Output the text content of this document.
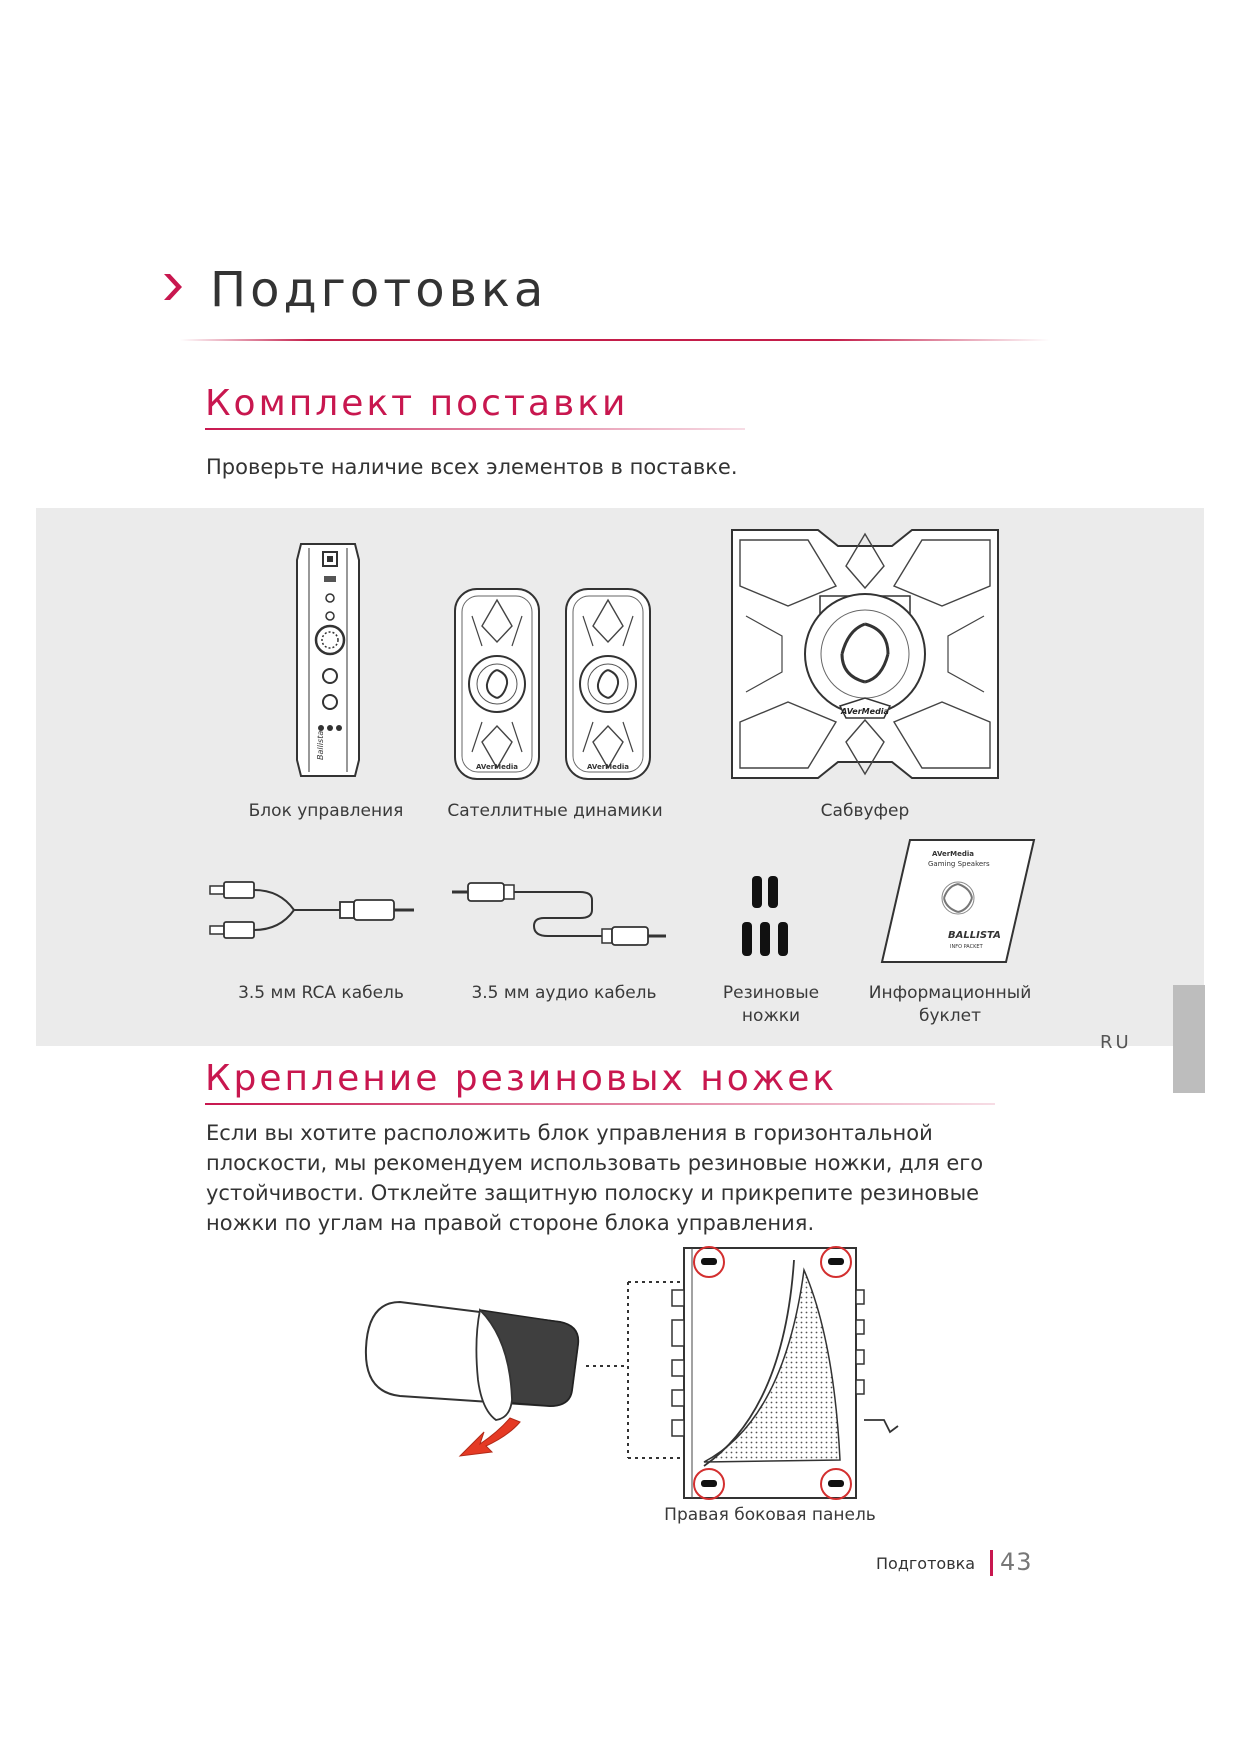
Подготовка
Комплект поставки

Проверьте наличие всех элементов в поставке.

Ballista
AVerMedia	AVerMedia
AVerMedia
Блок управления	Сателлитные динамики	Сабвуфер
AVerMedia
Gaming Speakers
BALLISTA
INFO PACKET
3.5 мм RCA кабель	3.5 мм аудио кабель	Резиновые
ножки
Информационный
буклет
RU
Крепление резиновых ножек

Если вы хотите расположить блок управления в горизонтальной плоскости, мы рекомендуем использовать резиновые ножки, для его устойчивости. Отклейте защитную полоску и прикрепите резиновые ножки по углам на правой стороне блока управления.

Правая боковая панель
Подготовка 43
